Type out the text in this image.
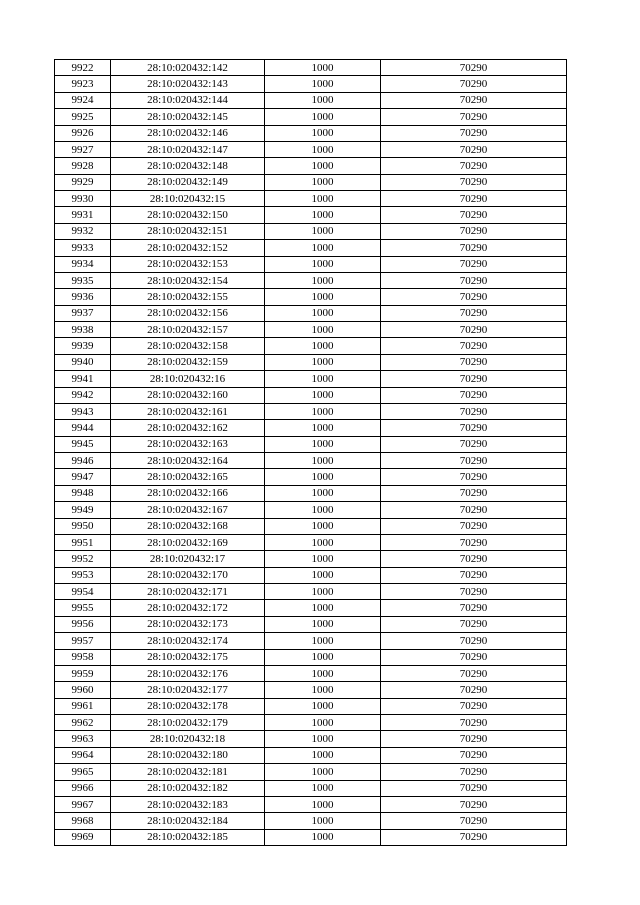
9922	28:10:020432:142	1000	70290
9923	28:10:020432:143	1000	70290
9924	28:10:020432:144	1000	70290
9925	28:10:020432:145	1000	70290
9926	28:10:020432:146	1000	70290
9927	28:10:020432:147	1000	70290
9928	28:10:020432:148	1000	70290
9929	28:10:020432:149	1000	70290
9930	28:10:020432:15	1000	70290
9931	28:10:020432:150	1000	70290
9932	28:10:020432:151	1000	70290
9933	28:10:020432:152	1000	70290
9934	28:10:020432:153	1000	70290
9935	28:10:020432:154	1000	70290
9936	28:10:020432:155	1000	70290
9937	28:10:020432:156	1000	70290
9938	28:10:020432:157	1000	70290
9939	28:10:020432:158	1000	70290
9940	28:10:020432:159	1000	70290
9941	28:10:020432:16	1000	70290
9942	28:10:020432:160	1000	70290
9943	28:10:020432:161	1000	70290
9944	28:10:020432:162	1000	70290
9945	28:10:020432:163	1000	70290
9946	28:10:020432:164	1000	70290
9947	28:10:020432:165	1000	70290
9948	28:10:020432:166	1000	70290
9949	28:10:020432:167	1000	70290
9950	28:10:020432:168	1000	70290
9951	28:10:020432:169	1000	70290
9952	28:10:020432:17	1000	70290
9953	28:10:020432:170	1000	70290
9954	28:10:020432:171	1000	70290
9955	28:10:020432:172	1000	70290
9956	28:10:020432:173	1000	70290
9957	28:10:020432:174	1000	70290
9958	28:10:020432:175	1000	70290
9959	28:10:020432:176	1000	70290
9960	28:10:020432:177	1000	70290
9961	28:10:020432:178	1000	70290
9962	28:10:020432:179	1000	70290
9963	28:10:020432:18	1000	70290
9964	28:10:020432:180	1000	70290
9965	28:10:020432:181	1000	70290
9966	28:10:020432:182	1000	70290
9967	28:10:020432:183	1000	70290
9968	28:10:020432:184	1000	70290
9969	28:10:020432:185	1000	70290
